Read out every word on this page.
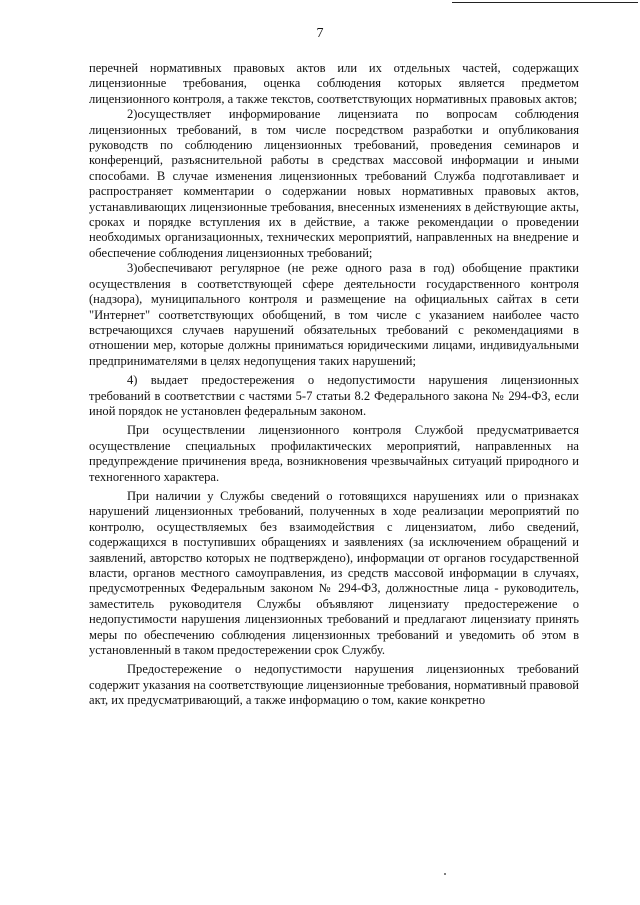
7

перечней нормативных правовых актов или их отдельных частей, содержащих лицензионные требования, оценка соблюдения которых является предметом лицензионного контроля, а также текстов, соответствующих нормативных правовых актов;

2)осуществляет информирование лицензиата по вопросам соблюдения лицензионных требований, в том числе посредством разработки и опубликования руководств по соблюдению лицензионных требований, проведения семинаров и конференций, разъяснительной работы в средствах массовой информации и иными способами. В случае изменения лицензионных требований Служба подготавливает и распространяет комментарии о содержании новых нормативных правовых актов, устанавливающих лицензионные требования, внесенных изменениях в действующие акты, сроках и порядке вступления их в действие, а также рекомендации о проведении необходимых организационных, технических мероприятий, направленных на внедрение и обеспечение соблюдения лицензионных требований;

3)обеспечивают регулярное (не реже одного раза в год) обобщение практики осуществления в соответствующей сфере деятельности государственного контроля (надзора), муниципального контроля и размещение на официальных сайтах в сети "Интернет" соответствующих обобщений, в том числе с указанием наиболее часто встречающихся случаев нарушений обязательных требований с рекомендациями в отношении мер, которые должны приниматься юридическими лицами, индивидуальными предпринимателями в целях недопущения таких нарушений;

4) выдает предостережения о недопустимости нарушения лицензионных требований в соответствии с частями 5-7 статьи 8.2 Федерального закона № 294-ФЗ, если иной порядок не установлен федеральным законом.

При осуществлении лицензионного контроля Службой предусматривается осуществление специальных профилактических мероприятий, направленных на предупреждение причинения вреда, возникновения чрезвычайных ситуаций природного и техногенного характера.

При наличии у Службы сведений о готовящихся нарушениях или о признаках нарушений лицензионных требований, полученных в ходе реализации мероприятий по контролю, осуществляемых без взаимодействия с лицензиатом, либо сведений, содержащихся в поступивших обращениях и заявлениях (за исключением обращений и заявлений, авторство которых не подтверждено), информации от органов государственной власти, органов местного самоуправления, из средств массовой информации в случаях, предусмотренных Федеральным законом № 294-ФЗ, должностные лица - руководитель, заместитель руководителя Службы объявляют лицензиату предостережение о недопустимости нарушения лицензионных требований и предлагают лицензиату принять меры по обеспечению соблюдения лицензионных требований и уведомить об этом в установленный в таком предостережении срок Службу.

Предостережение о недопустимости нарушения лицензионных требований содержит указания на соответствующие лицензионные требования, нормативный правовой акт, их предусматривающий, а также информацию о том, какие конкретно
